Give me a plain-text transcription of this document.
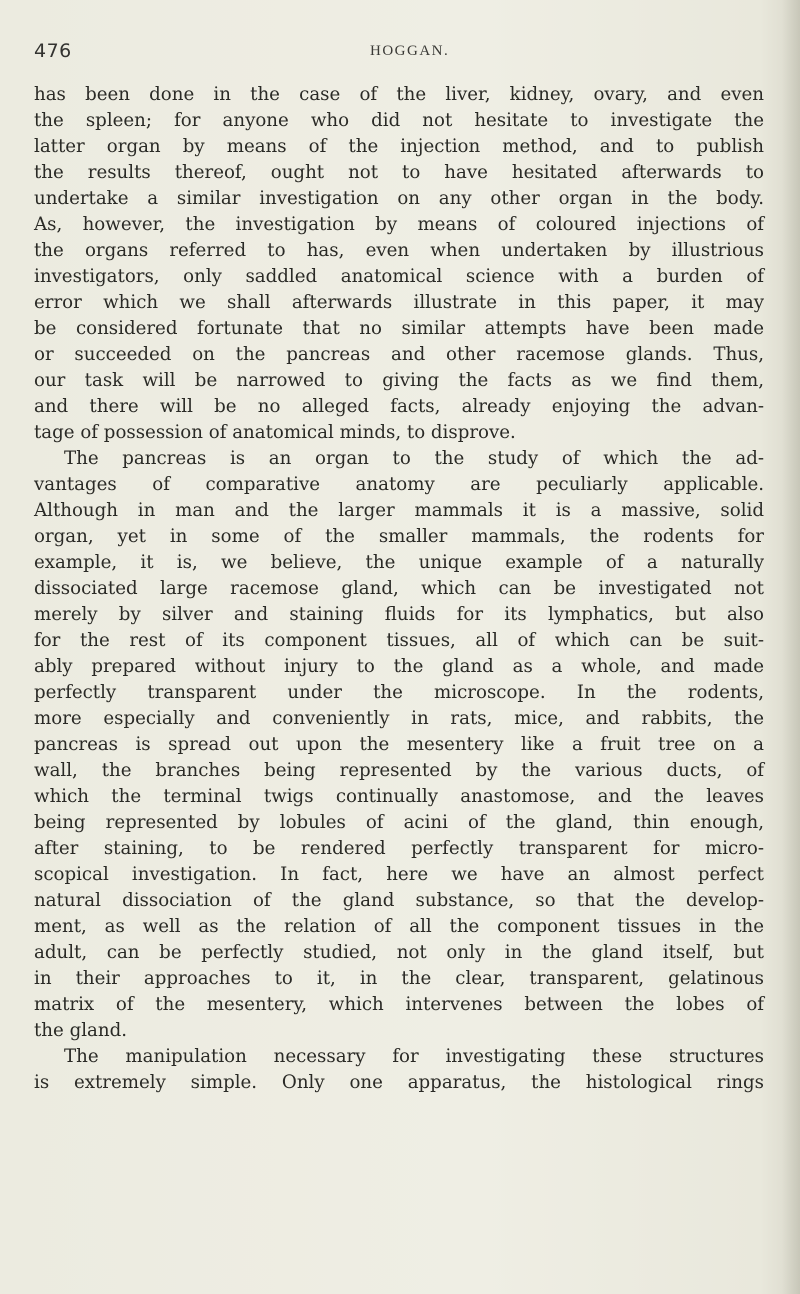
476	HOGGAN.
has been done in the case of the liver, kidney, ovary, and even
the spleen; for anyone who did not hesitate to investigate the
latter organ by means of the injection method, and to publish
the results thereof, ought not to have hesitated afterwards to
undertake a similar investigation on any other organ in the body.
As, however, the investigation by means of coloured injections of
the organs referred to has, even when undertaken by illustrious
investigators, only saddled anatomical science with a burden of
error which we shall afterwards illustrate in this paper, it may
be considered fortunate that no similar attempts have been made
or succeeded on the pancreas and other racemose glands. Thus,
our task will be narrowed to giving the facts as we find them,
and there will be no alleged facts, already enjoying the advan-
tage of possession of anatomical minds, to disprove.
The pancreas is an organ to the study of which the ad-
vantages of comparative anatomy are peculiarly applicable.
Although in man and the larger mammals it is a massive, solid
organ, yet in some of the smaller mammals, the rodents for
example, it is, we believe, the unique example of a naturally
dissociated large racemose gland, which can be investigated not
merely by silver and staining fluids for its lymphatics, but also
for the rest of its component tissues, all of which can be suit-
ably prepared without injury to the gland as a whole, and made
perfectly transparent under the microscope. In the rodents,
more especially and conveniently in rats, mice, and rabbits, the
pancreas is spread out upon the mesentery like a fruit tree on a
wall, the branches being represented by the various ducts, of
which the terminal twigs continually anastomose, and the leaves
being represented by lobules of acini of the gland, thin enough,
after staining, to be rendered perfectly transparent for micro-
scopical investigation. In fact, here we have an almost perfect
natural dissociation of the gland substance, so that the develop-
ment, as well as the relation of all the component tissues in the
adult, can be perfectly studied, not only in the gland itself, but
in their approaches to it, in the clear, transparent, gelatinous
matrix of the mesentery, which intervenes between the lobes of
the gland.
The manipulation necessary for investigating these structures
is extremely simple. Only one apparatus, the histological rings
